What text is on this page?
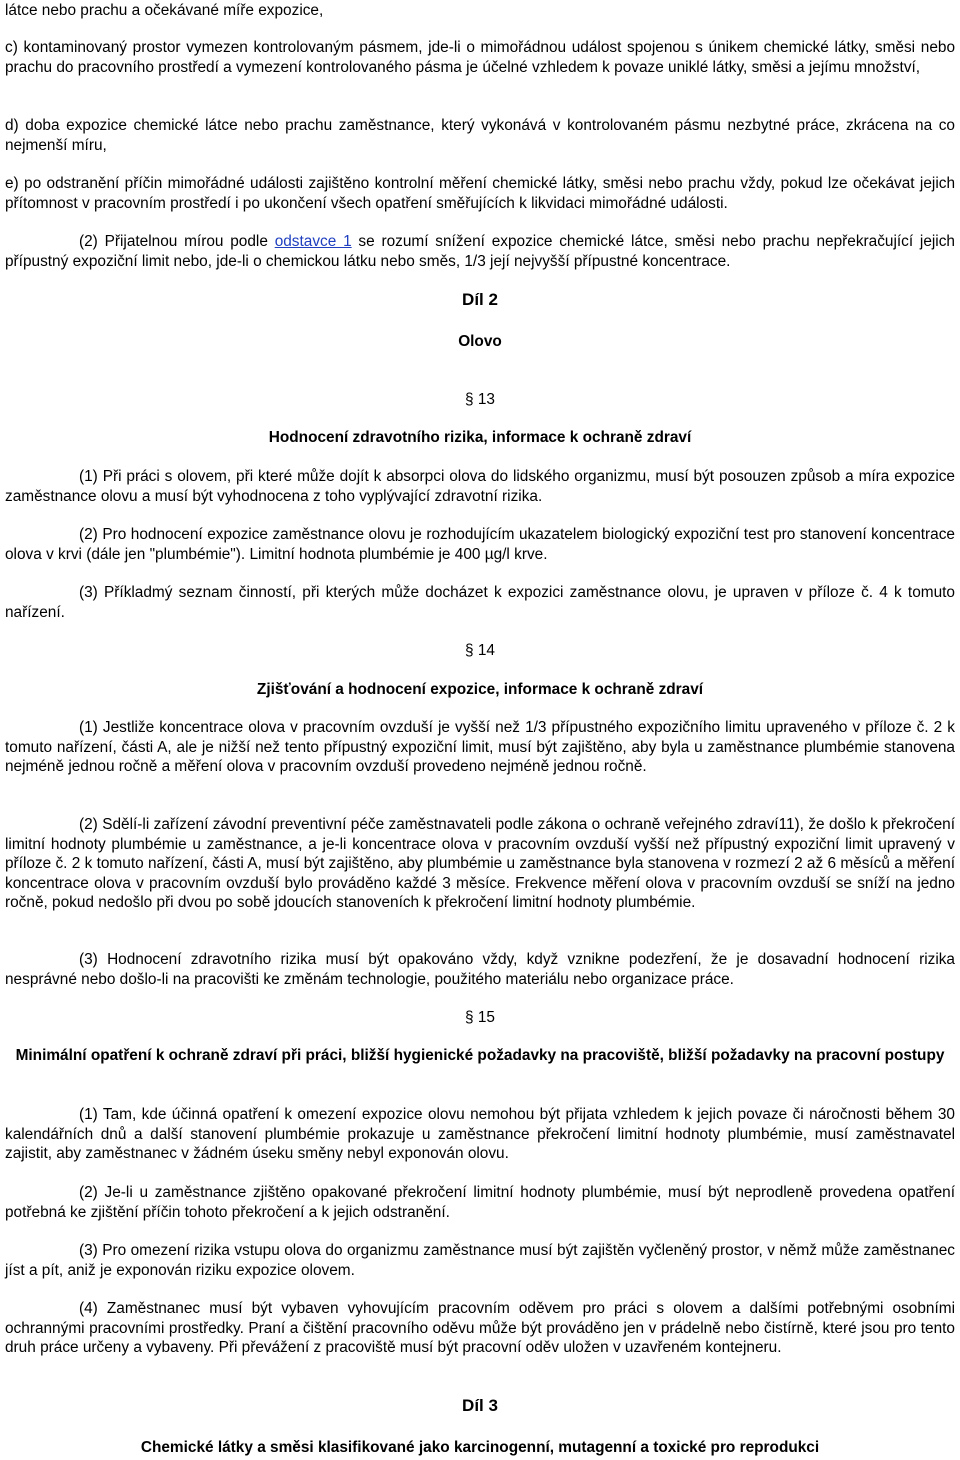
látce nebo prachu a očekávané míře expozice,

c) kontaminovaný prostor vymezen kontrolovaným pásmem, jde-li o mimořádnou událost spojenou s únikem chemické látky, směsi nebo prachu do pracovního prostředí a vymezení kontrolovaného pásma je účelné vzhledem k povaze uniklé látky, směsi a jejímu množství,

d) doba expozice chemické látce nebo prachu zaměstnance, který vykonává v kontrolovaném pásmu nezbytné práce, zkrácena na co nejmenší míru,

e) po odstranění příčin mimořádné události zajištěno kontrolní měření chemické látky, směsi nebo prachu vždy, pokud lze očekávat jejich přítomnost v pracovním prostředí i po ukončení všech opatření směřujících k likvidaci mimořádné události.

(2) Přijatelnou mírou podle odstavce 1 se rozumí snížení expozice chemické látce, směsi nebo prachu nepřekračující jejich přípustný expoziční limit nebo, jde-li o chemickou látku nebo směs, 1/3 její nejvyšší přípustné koncentrace.

Díl 2

Olovo

§ 13

Hodnocení zdravotního rizika, informace k ochraně zdraví

(1) Při práci s olovem, při které může dojít k absorpci olova do lidského organizmu, musí být posouzen způsob a míra expozice zaměstnance olovu a musí být vyhodnocena z toho vyplývající zdravotní rizika.

(2) Pro hodnocení expozice zaměstnance olovu je rozhodujícím ukazatelem biologický expoziční test pro stanovení koncentrace olova v krvi (dále jen "plumbémie"). Limitní hodnota plumbémie je 400 µg/l krve.

(3) Příkladmý seznam činností, při kterých může docházet k expozici zaměstnance olovu, je upraven v příloze č. 4 k tomuto nařízení.

§ 14

Zjišťování a hodnocení expozice, informace k ochraně zdraví

(1) Jestliže koncentrace olova v pracovním ovzduší je vyšší než 1/3 přípustného expozičního limitu upraveného v příloze č. 2 k tomuto nařízení, části A, ale je nižší než tento přípustný expoziční limit, musí být zajištěno, aby byla u zaměstnance plumbémie stanovena nejméně jednou ročně a měření olova v pracovním ovzduší provedeno nejméně jednou ročně.

(2) Sdělí-li zařízení závodní preventivní péče zaměstnavateli podle zákona o ochraně veřejného zdraví11), že došlo k překročení limitní hodnoty plumbémie u zaměstnance, a je-li koncentrace olova v pracovním ovzduší vyšší než přípustný expoziční limit upravený v příloze č. 2 k tomuto nařízení, části A, musí být zajištěno, aby plumbémie u zaměstnance byla stanovena v rozmezí 2 až 6 měsíců a měření koncentrace olova v pracovním ovzduší bylo prováděno každé 3 měsíce. Frekvence měření olova v pracovním ovzduší se sníží na jedno ročně, pokud nedošlo při dvou po sobě jdoucích stanoveních k překročení limitní hodnoty plumbémie.

(3) Hodnocení zdravotního rizika musí být opakováno vždy, když vznikne podezření, že je dosavadní hodnocení rizika nesprávné nebo došlo-li na pracovišti ke změnám technologie, použitého materiálu nebo organizace práce.

§ 15

Minimální opatření k ochraně zdraví při práci, bližší hygienické požadavky na pracoviště, bližší požadavky na pracovní postupy

(1) Tam, kde účinná opatření k omezení expozice olovu nemohou být přijata vzhledem k jejich povaze či náročnosti během 30 kalendářních dnů a další stanovení plumbémie prokazuje u zaměstnance překročení limitní hodnoty plumbémie, musí zaměstnavatel zajistit, aby zaměstnanec v žádném úseku směny nebyl exponován olovu.

(2) Je-li u zaměstnance zjištěno opakované překročení limitní hodnoty plumbémie, musí být neprodleně provedena opatření potřebná ke zjištění příčin tohoto překročení a k jejich odstranění.

(3) Pro omezení rizika vstupu olova do organizmu zaměstnance musí být zajištěn vyčleněný prostor, v němž může zaměstnanec jíst a pít, aniž je exponován riziku expozice olovem.

(4) Zaměstnanec musí být vybaven vyhovujícím pracovním oděvem pro práci s olovem a dalšími potřebnými osobními ochrannými pracovními prostředky. Praní a čištění pracovního oděvu může být prováděno jen v prádelně nebo čistírně, které jsou pro tento druh práce určeny a vybaveny. Při převážení z pracoviště musí být pracovní oděv uložen v uzavřeném kontejneru.

Díl 3

Chemické látky a směsi klasifikované jako karcinogenní, mutagenní a toxické pro reprodukci
